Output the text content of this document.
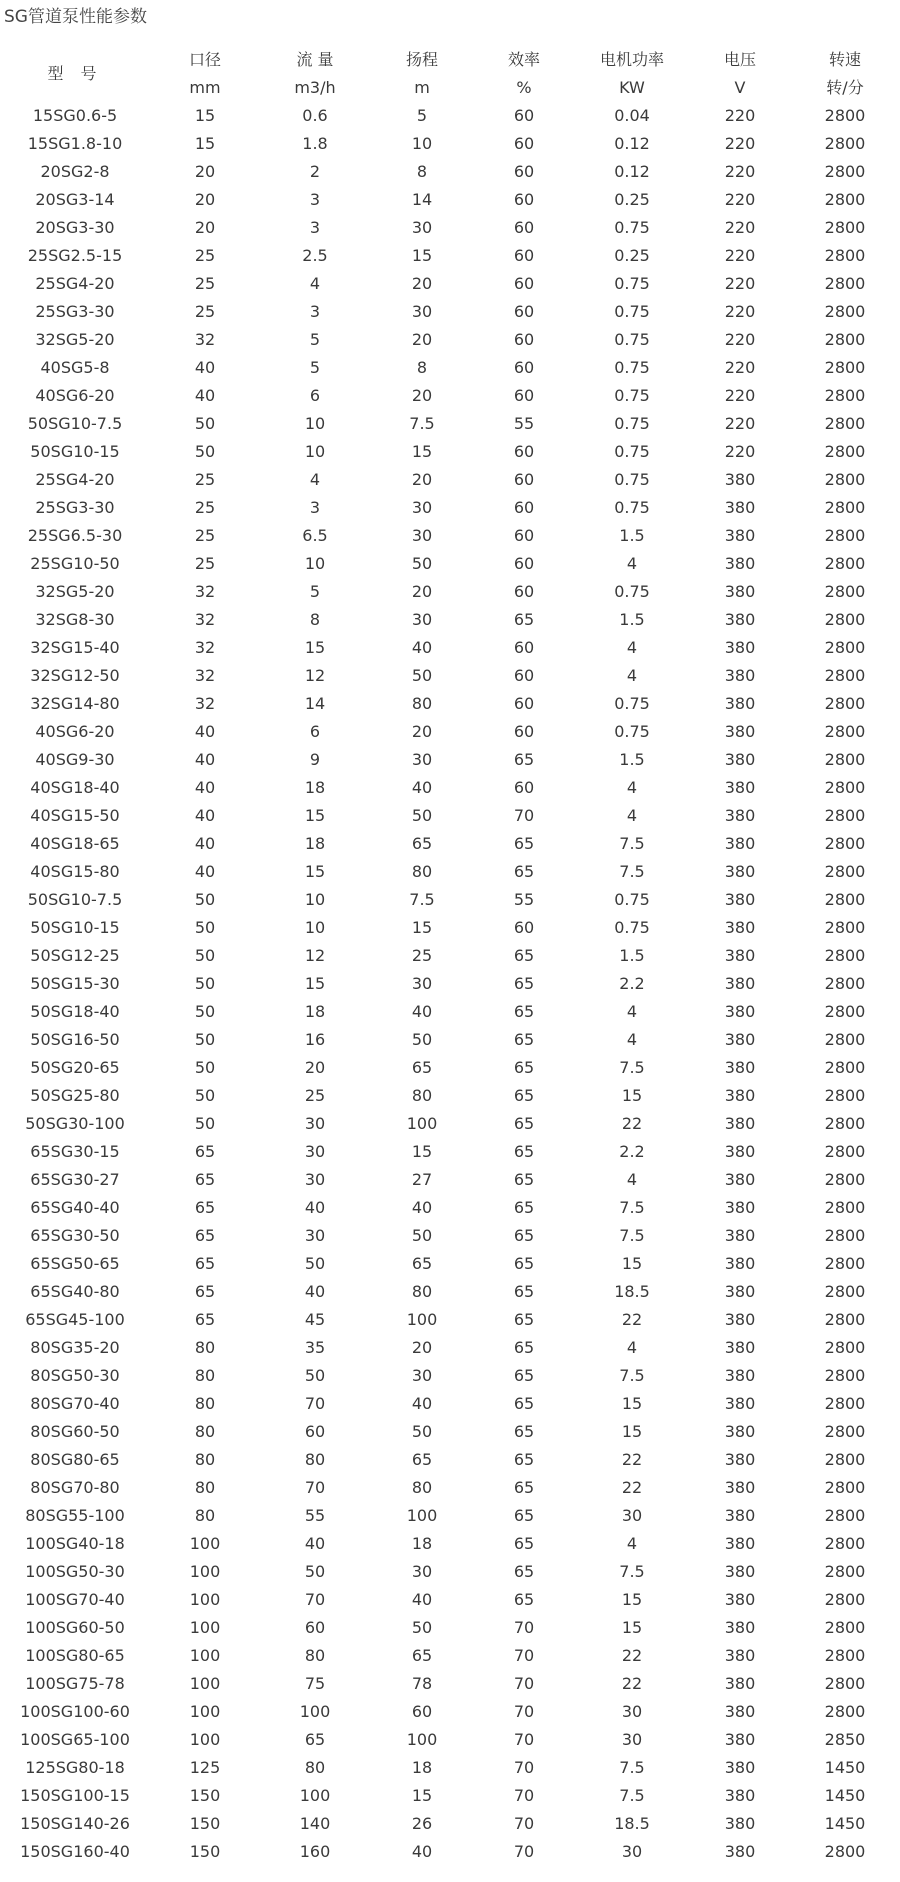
SG管道泵性能参数
型 号	口径	流 量	扬程	效率	电机功率	电压	转速
	mm	m3/h	m	%	KW	V	转/分
15SG0.6-5	15	0.6	5	60	0.04	220	2800
15SG1.8-10	15	1.8	10	60	0.12	220	2800
20SG2-8	20	2	8	60	0.12	220	2800
20SG3-14	20	3	14	60	0.25	220	2800
20SG3-30	20	3	30	60	0.75	220	2800
25SG2.5-15	25	2.5	15	60	0.25	220	2800
25SG4-20	25	4	20	60	0.75	220	2800
25SG3-30	25	3	30	60	0.75	220	2800
32SG5-20	32	5	20	60	0.75	220	2800
40SG5-8	40	5	8	60	0.75	220	2800
40SG6-20	40	6	20	60	0.75	220	2800
50SG10-7.5	50	10	7.5	55	0.75	220	2800
50SG10-15	50	10	15	60	0.75	220	2800
25SG4-20	25	4	20	60	0.75	380	2800
25SG3-30	25	3	30	60	0.75	380	2800
25SG6.5-30	25	6.5	30	60	1.5	380	2800
25SG10-50	25	10	50	60	4	380	2800
32SG5-20	32	5	20	60	0.75	380	2800
32SG8-30	32	8	30	65	1.5	380	2800
32SG15-40	32	15	40	60	4	380	2800
32SG12-50	32	12	50	60	4	380	2800
32SG14-80	32	14	80	60	0.75	380	2800
40SG6-20	40	6	20	60	0.75	380	2800
40SG9-30	40	9	30	65	1.5	380	2800
40SG18-40	40	18	40	60	4	380	2800
40SG15-50	40	15	50	70	4	380	2800
40SG18-65	40	18	65	65	7.5	380	2800
40SG15-80	40	15	80	65	7.5	380	2800
50SG10-7.5	50	10	7.5	55	0.75	380	2800
50SG10-15	50	10	15	60	0.75	380	2800
50SG12-25	50	12	25	65	1.5	380	2800
50SG15-30	50	15	30	65	2.2	380	2800
50SG18-40	50	18	40	65	4	380	2800
50SG16-50	50	16	50	65	4	380	2800
50SG20-65	50	20	65	65	7.5	380	2800
50SG25-80	50	25	80	65	15	380	2800
50SG30-100	50	30	100	65	22	380	2800
65SG30-15	65	30	15	65	2.2	380	2800
65SG30-27	65	30	27	65	4	380	2800
65SG40-40	65	40	40	65	7.5	380	2800
65SG30-50	65	30	50	65	7.5	380	2800
65SG50-65	65	50	65	65	15	380	2800
65SG40-80	65	40	80	65	18.5	380	2800
65SG45-100	65	45	100	65	22	380	2800
80SG35-20	80	35	20	65	4	380	2800
80SG50-30	80	50	30	65	7.5	380	2800
80SG70-40	80	70	40	65	15	380	2800
80SG60-50	80	60	50	65	15	380	2800
80SG80-65	80	80	65	65	22	380	2800
80SG70-80	80	70	80	65	22	380	2800
80SG55-100	80	55	100	65	30	380	2800
100SG40-18	100	40	18	65	4	380	2800
100SG50-30	100	50	30	65	7.5	380	2800
100SG70-40	100	70	40	65	15	380	2800
100SG60-50	100	60	50	70	15	380	2800
100SG80-65	100	80	65	70	22	380	2800
100SG75-78	100	75	78	70	22	380	2800
100SG100-60	100	100	60	70	30	380	2800
100SG65-100	100	65	100	70	30	380	2850
125SG80-18	125	80	18	70	7.5	380	1450
150SG100-15	150	100	15	70	7.5	380	1450
150SG140-26	150	140	26	70	18.5	380	1450
150SG160-40	150	160	40	70	30	380	2800
